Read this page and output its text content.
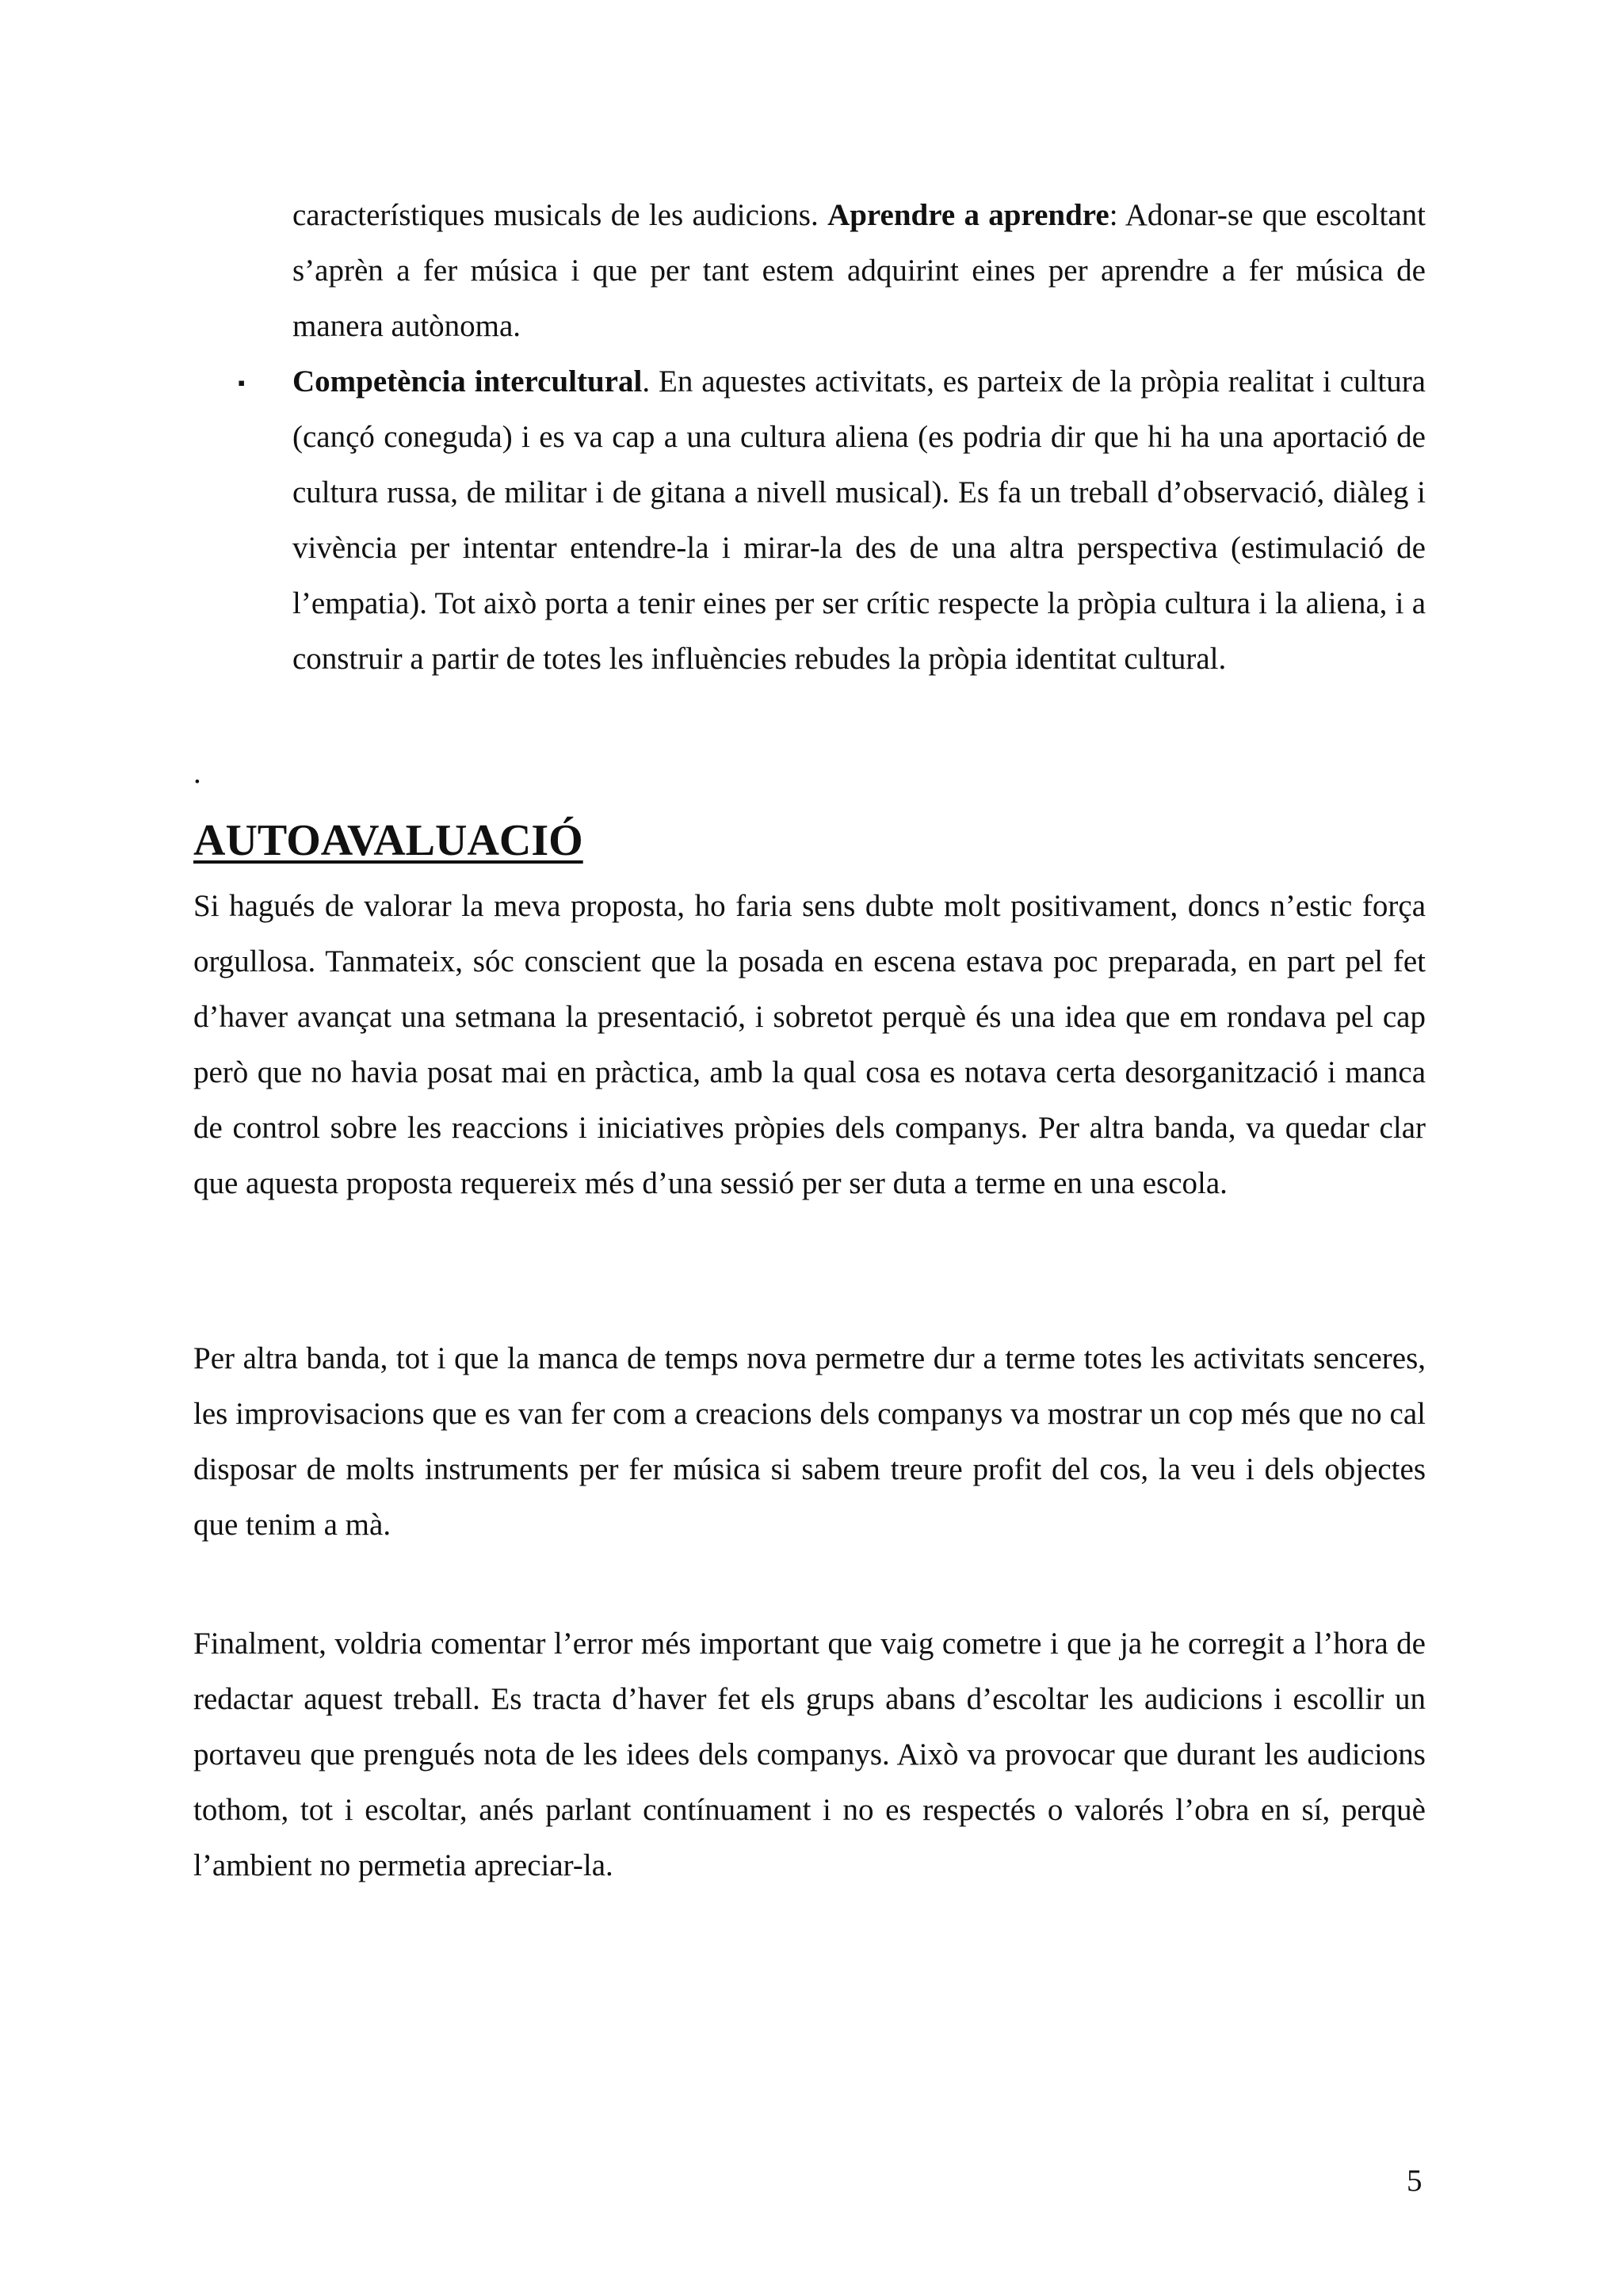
característiques musicals de les audicions. Aprendre a aprendre: Adonar-se que escoltant s’aprèn a fer música i que per tant estem adquirint eines per aprendre a fer música de manera autònoma.

▪ Competència intercultural. En aquestes activitats, es parteix de la pròpia realitat i cultura (cançó coneguda) i es va cap a una cultura aliena (es podria dir que hi ha una aportació de cultura russa, de militar i de gitana a nivell musical). Es fa un treball d’observació, diàleg i vivència per intentar entendre-la i mirar-la des de una altra perspectiva (estimulació de l’empatia). Tot això porta a tenir eines per ser crític respecte la pròpia cultura i la aliena, i a construir a partir de totes les influències rebudes la pròpia identitat cultural.

.
AUTOAVALUACIÓ

Si hagués de valorar la meva proposta, ho faria sens dubte molt positivament, doncs n’estic força orgullosa. Tanmateix, sóc conscient que la posada en escena estava poc preparada, en part pel fet d’haver avançat una setmana la presentació, i sobretot perquè és una idea que em rondava pel cap però que no havia posat mai en pràctica, amb la qual cosa es notava certa desorganització i manca de control sobre les reaccions i iniciatives pròpies dels companys. Per altra banda, va quedar clar que aquesta proposta requereix més d’una sessió per ser duta a terme en una escola.

Per altra banda, tot i que la manca de temps nova permetre dur a terme totes les activitats senceres, les improvisacions que es van fer com a creacions dels companys va mostrar un cop més que no cal disposar de molts instruments per fer música si sabem treure profit del cos, la veu i dels objectes que tenim a mà.

Finalment, voldria comentar l’error més important que vaig cometre i que ja he corregit a l’hora de redactar aquest treball. Es tracta d’haver fet els grups abans d’escoltar les audicions i escollir un portaveu que prengués nota de les idees dels companys. Això va provocar que durant les audicions tothom, tot i escoltar, anés parlant contínuament i no es respectés o valorés l’obra en sí, perquè l’ambient no permetia apreciar-la.

5
